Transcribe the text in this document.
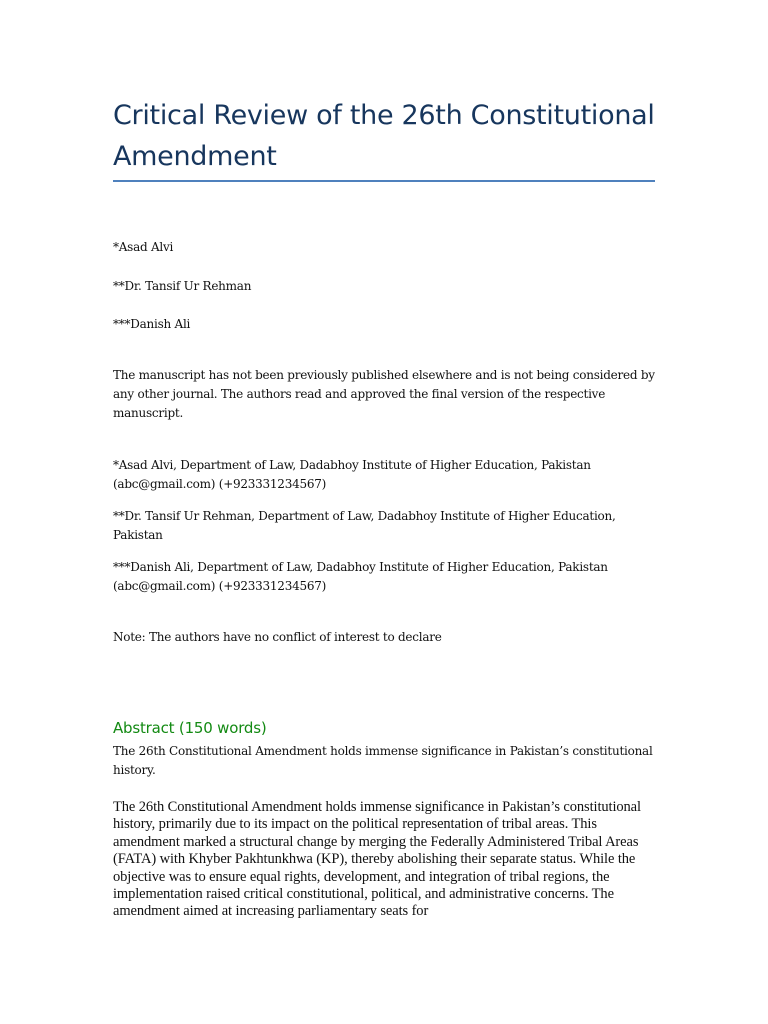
Critical Review of the 26th Constitutional Amendment

*Asad Alvi

**Dr. Tansif Ur Rehman

***Danish Ali

The manuscript has not been previously published elsewhere and is not being considered by any other journal. The authors read and approved the final version of the respective manuscript.

*Asad Alvi, Department of Law, Dadabhoy Institute of Higher Education, Pakistan (abc@gmail.com) (+923331234567)

**Dr. Tansif Ur Rehman, Department of Law, Dadabhoy Institute of Higher Education, Pakistan

***Danish Ali, Department of Law, Dadabhoy Institute of Higher Education, Pakistan (abc@gmail.com) (+923331234567)

Note: The authors have no conflict of interest to declare

Abstract (150 words)

The 26th Constitutional Amendment holds immense significance in Pakistan’s constitutional history.

The 26th Constitutional Amendment holds immense significance in Pakistan’s constitutional history, primarily due to its impact on the political representation of tribal areas. This amendment marked a structural change by merging the Federally Administered Tribal Areas (FATA) with Khyber Pakhtunkhwa (KP), thereby abolishing their separate status. While the objective was to ensure equal rights, development, and integration of tribal regions, the implementation raised critical constitutional, political, and administrative concerns. The amendment aimed at increasing parliamentary seats for
